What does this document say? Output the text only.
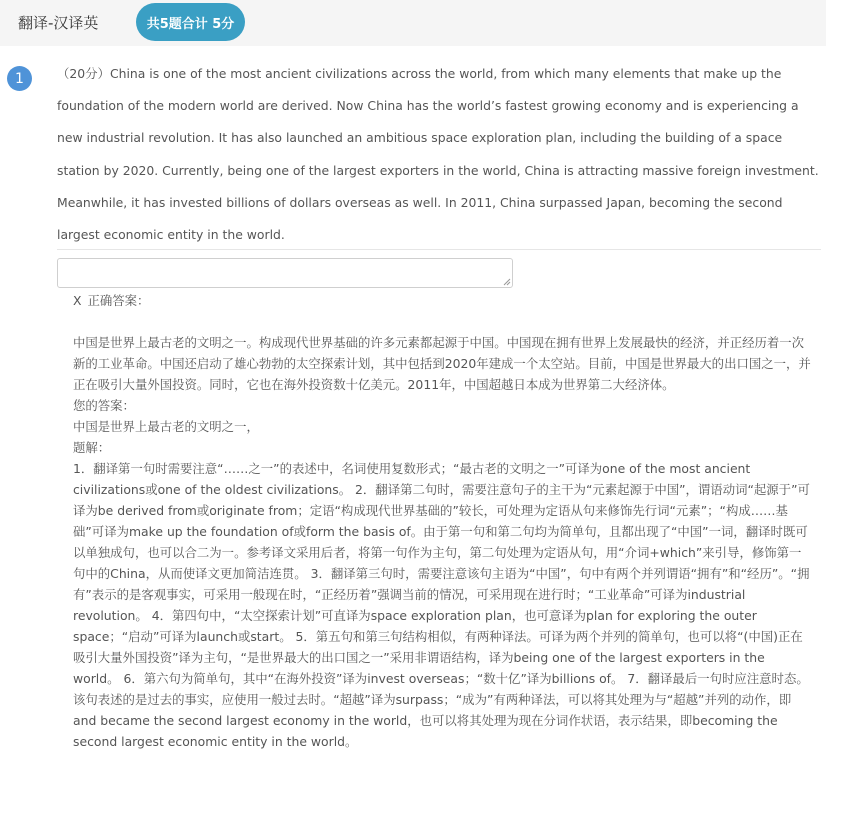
翻译-汉译英	共5题合计 5分
1	（20分）China is one of the most ancient civilizations across the world, from which many elements that make up the foundation of the modern world are derived. Now China has the world’s fastest growing economy and is experiencing a new industrial revolution. It has also launched an ambitious space exploration plan, including the building of a space station by 2020. Currently, being one of the largest exporters in the world, China is attracting massive foreign investment. Meanwhile, it has invested billions of dollars overseas as well. In 2011, China surpassed Japan, becoming the second largest economic entity in the world.

X 正确答案：

中国是世界上最古老的文明之一。构成现代世界基础的许多元素都起源于中国。中国现在拥有世界上发展最快的经济，并正经历着一次新的工业革命。中国还启动了雄心勃勃的太空探索计划，其中包括到2020年建成一个太空站。目前，中国是世界最大的出口国之一，并正在吸引大量外国投资。同时，它也在海外投资数十亿美元。2011年，中国超越日本成为世界第二大经济体。

您的答案：

中国是世界上最古老的文明之一，

题解：

1．翻译第一句时需要注意“……之一”的表述中，名词使用复数形式；“最古老的文明之一”可译为one of the most ancient civilizations或one of the oldest civilizations。 2．翻译第二句时，需要注意句子的主干为“元素起源于中国”，谓语动词“起源于”可译为be derived from或originate from；定语“构成现代世界基础的”较长，可处理为定语从句来修饰先行词“元素”；“构成……基础”可译为make up the foundation of或form the basis of。由于第一句和第二句均为简单句，且都出现了“中国”一词，翻译时既可以单独成句，也可以合二为一。参考译文采用后者，将第一句作为主句，第二句处理为定语从句，用“介词+which”来引导，修饰第一句中的China，从而使译文更加简洁连贯。 3．翻译第三句时，需要注意该句主语为“中国”，句中有两个并列谓语“拥有”和“经历”。“拥有”表示的是客观事实，可采用一般现在时，“正经历着”强调当前的情况，可采用现在进行时；“工业革命”可译为industrial revolution。 4．第四句中，“太空探索计划”可直译为space exploration plan，也可意译为plan for exploring the outer space；“启动”可译为launch或start。 5．第五句和第三句结构相似，有两种译法。可译为两个并列的简单句，也可以将“(中国)正在吸引大量外国投资”译为主句，“是世界最大的出口国之一”采用非谓语结构，译为being one of the largest exporters in the world。 6．第六句为简单句，其中“在海外投资”译为invest overseas；“数十亿”译为billions of。 7．翻译最后一句时应注意时态。该句表述的是过去的事实，应使用一般过去时。“超越”译为surpass；“成为”有两种译法，可以将其处理为与“超越”并列的动作，即and became the second largest economy in the world，也可以将其处理为现在分词作状语，表示结果，即becoming the second largest economic entity in the world。
